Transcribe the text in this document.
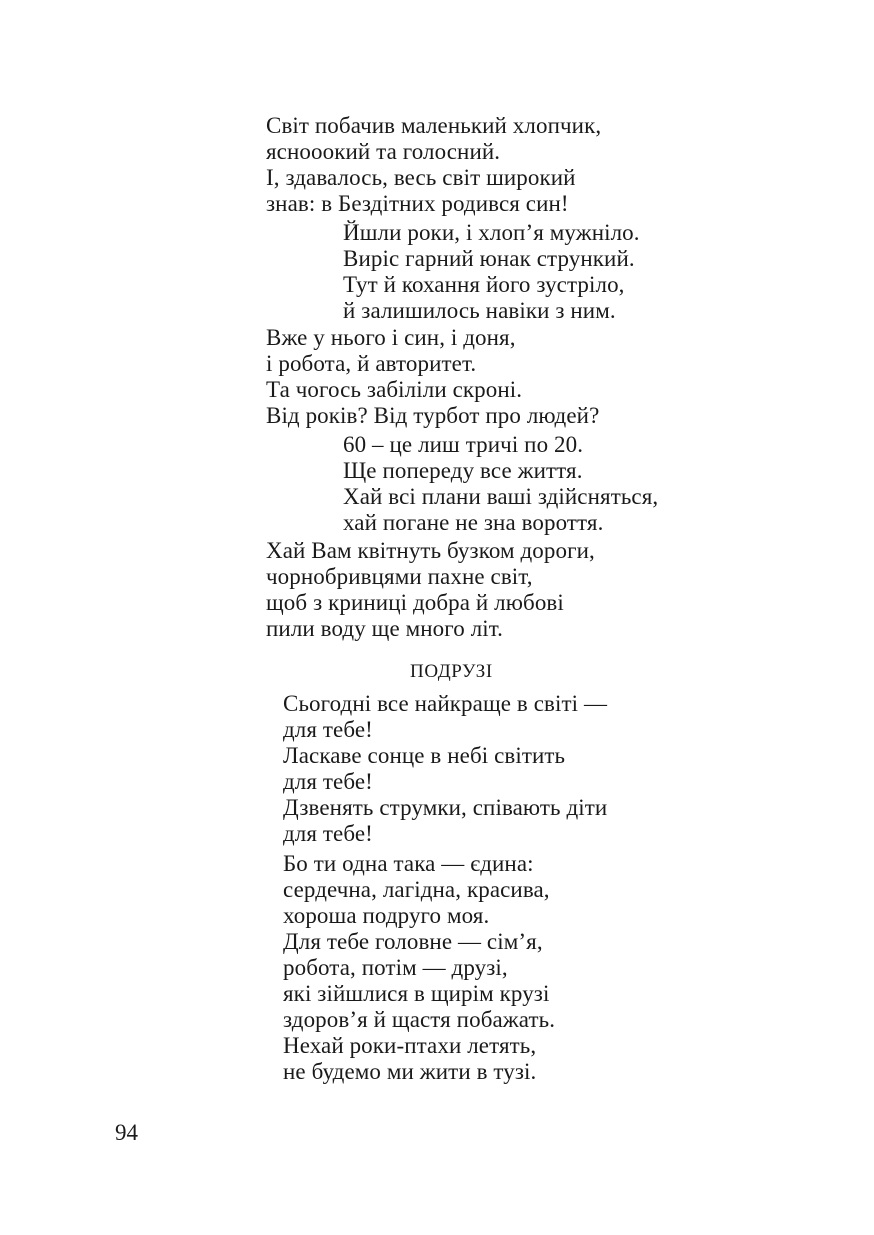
Світ побачив маленький хлопчик,
яснооокий та голосний.
І, здавалось, весь світ широкий
знав: в Бездітних родився син!
Йшли роки, і хлоп’я мужніло.
Виріс гарний юнак стрункий.
Тут й кохання його зустріло,
й залишилось навіки з ним.
Вже у нього і син, і доня,
і робота, й авторитет.
Та чогось забіліли скроні.
Від років? Від турбот про людей?
60 – це лиш тричі по 20.
Ще попереду все життя.
Хай всі плани ваші здійсняться,
хай погане не зна вороття.
Хай Вам квітнуть бузком дороги,
чорнобривцями пахне світ,
щоб з криниці добра й любові
пили воду ще много літ.
ПОДРУЗІ
Сьогодні все найкраще в світі —
для тебе!
Ласкаве сонце в небі світить
для тебе!
Дзвенять струмки, співають діти
для тебе!
Бо ти одна така — єдина:
сердечна, лагідна, красива,
хороша подруго моя.
Для тебе головне — сім’я,
робота, потім — друзі,
які зійшлися в щирім крузі
здоров’я й щастя побажать.
Нехай роки-птахи летять,
не будемо ми жити в тузі.
94
